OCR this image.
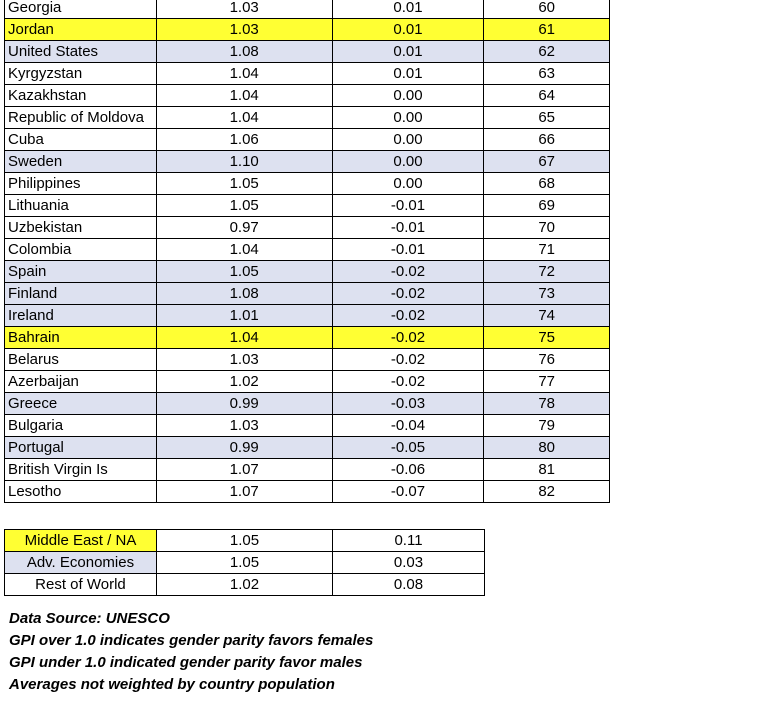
Georgia	1.03	0.01	60
Jordan	1.03	0.01	61
United States	1.08	0.01	62
Kyrgyzstan	1.04	0.01	63
Kazakhstan	1.04	0.00	64
Republic of Moldova	1.04	0.00	65
Cuba	1.06	0.00	66
Sweden	1.10	0.00	67
Philippines	1.05	0.00	68
Lithuania	1.05	-0.01	69
Uzbekistan	0.97	-0.01	70
Colombia	1.04	-0.01	71
Spain	1.05	-0.02	72
Finland	1.08	-0.02	73
Ireland	1.01	-0.02	74
Bahrain	1.04	-0.02	75
Belarus	1.03	-0.02	76
Azerbaijan	1.02	-0.02	77
Greece	0.99	-0.03	78
Bulgaria	1.03	-0.04	79
Portugal	0.99	-0.05	80
British Virgin Is	1.07	-0.06	81
Lesotho	1.07	-0.07	82
Middle East / NA	1.05	0.11
Adv. Economies	1.05	0.03
Rest of World	1.02	0.08
Data Source: UNESCO
GPI over 1.0 indicates gender parity favors females
GPI under 1.0 indicated gender parity favor males
Averages not weighted by country population
